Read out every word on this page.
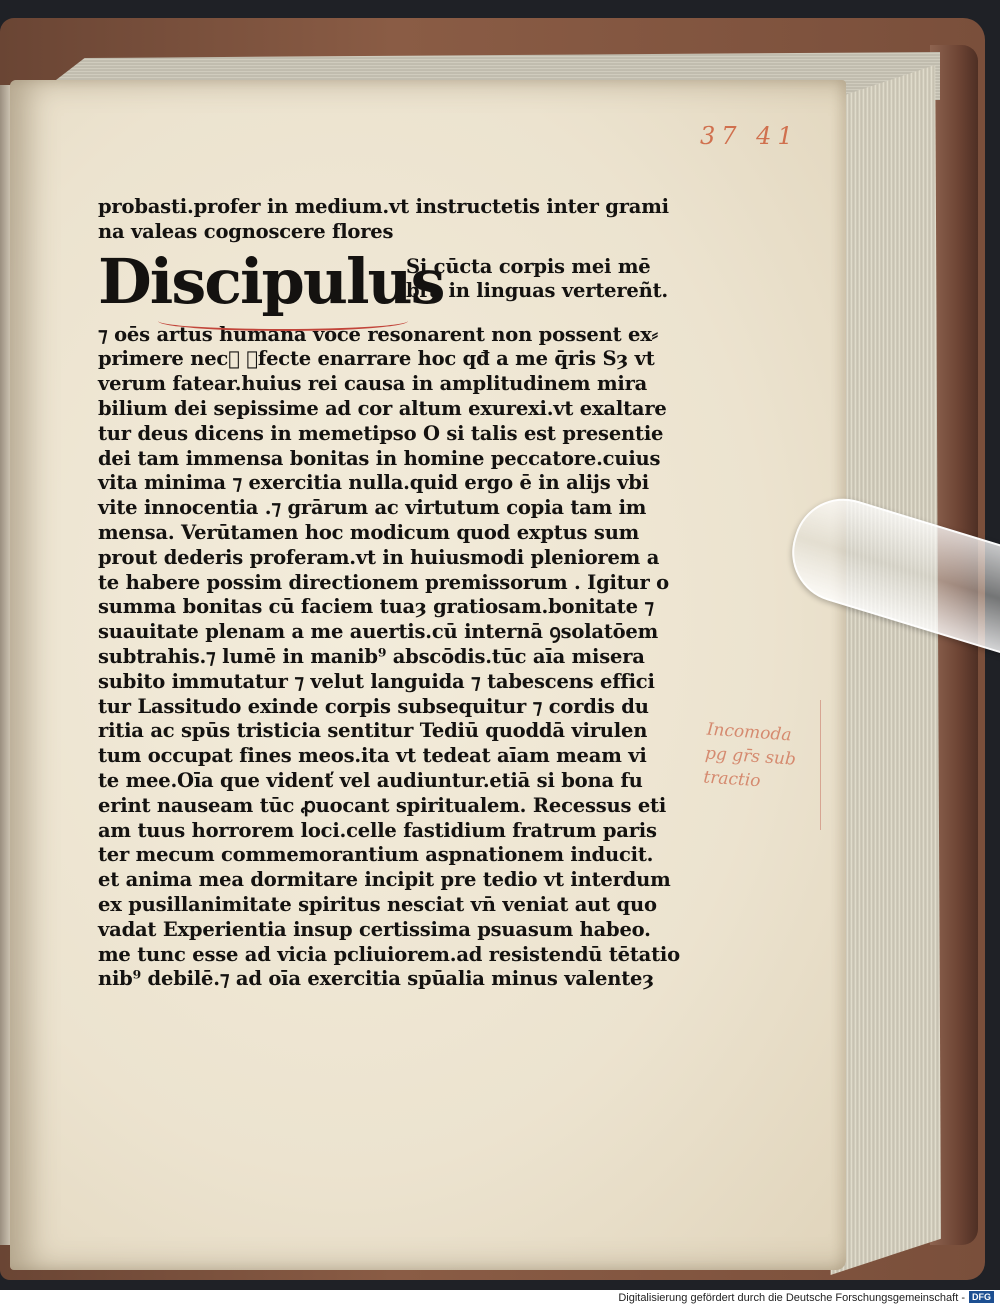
37 41
probasti.profer in medium.vt instructetis inter grami
na valeas cognoscere flores
Discipulus
Si cūcta corpis mei mē
bra in linguas vertereñt.
⁊ oēs artus humana voce resonarent non possent ex⸗
primere nec᷑ ꝑfecte enarrare hoc qđ a me q̄ris Sȝ vt
verum fatear.huius rei causa in amplitudinem mira
bilium dei sepissime ad cor altum exurexi.vt exaltare
tur deus dicens in memetipso O si talis est presentie
dei tam immensa bonitas in homine peccatore.cuius
vita minima ⁊ exercitia nulla.quid ergo ē in alijs vbi
vite innocentia .⁊ grārum ac virtutum copia tam im
mensa. Verūtamen hoc modicum quod exptus sum
prout dederis proferam.vt in huiusmodi pleniorem a
te habere possim directionem premissorum . Igitur o
summa bonitas cū faciem tuaȝ gratiosam.bonitate ⁊
suauitate plenam a me auertis.cū internā ꝯsolatōem
subtrahis.⁊ lumē in manib⁹ abscōdis.tūc aīa misera
subito immutatur ⁊ velut languida ⁊ tabescens effici
tur Lassitudo exinde corpis subsequitur ⁊ cordis du
ritia ac spūs tristicia sentitur Tediū quoddā virulen
tum occupat fines meos.ita vt tedeat aīam meam vi
te mee.Oīa que videnť vel audiuntur.etiā si bona fu
erint nauseam tūc ꝓuocant spiritualem. Recessus eti
am tuus horrorem loci.celle fastidium fratrum paris
ter mecum commemorantium aspnationem inducit.
et anima mea dormitare incipit pre tedio vt interdum
ex pusillanimitate spiritus nesciat vn̄ veniat aut quo
vadat Experientia insup certissima psuasum habeo.
me tunc esse ad vicia pcliuiorem.ad resistendū tētatio
nib⁹ debilē.⁊ ad oīa exercitia spūalia minus valenteȝ
Incomoda
pg gr̄s sub
tractio
Digitalisierung gefördert durch die Deutsche Forschungsgemeinschaft - DFG
